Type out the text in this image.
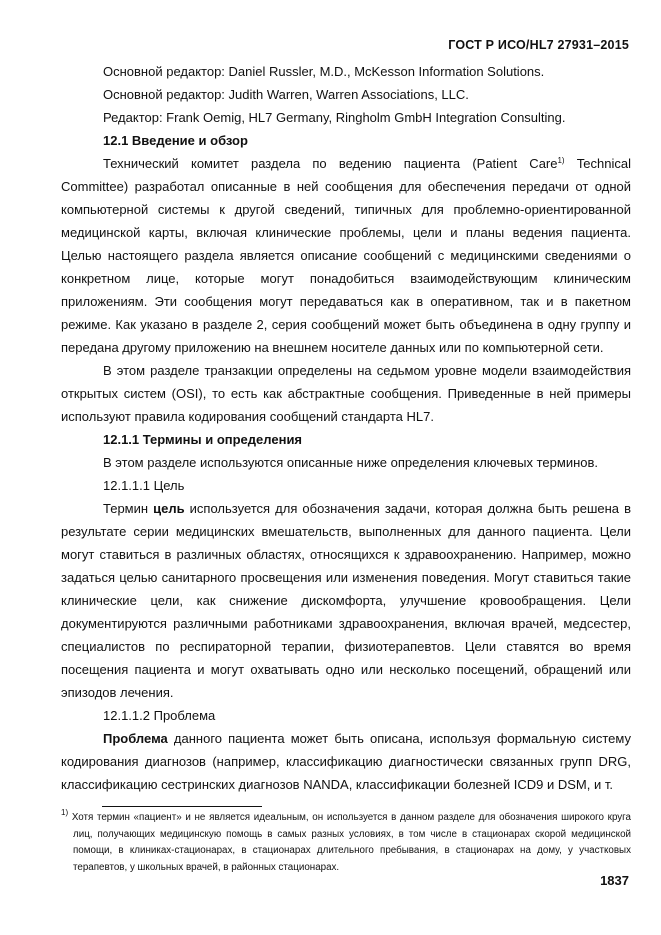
ГОСТ Р ИСО/HL7 27931–2015

Основной редактор: Daniel Russler, M.D., McKesson Information Solutions.

Основной редактор: Judith Warren, Warren Associations, LLC.

Редактор: Frank Oemig, HL7 Germany, Ringholm GmbH Integration Consulting.

12.1 Введение и обзор

Технический комитет раздела по ведению пациента (Patient Care$^{1)}$ Technical Committee) разработал описанные в ней сообщения для обеспечения передачи от одной компьютерной системы к другой сведений, типичных для проблемно-ориентированной медицинской карты, включая клинические проблемы, цели и планы ведения пациента. Целью настоящего раздела является описание сообщений с медицинскими сведениями о конкретном лице, которые могут понадобиться взаимодействующим клиническим приложениям. Эти сообщения могут передаваться как в оперативном, так и в пакетном режиме. Как указано в разделе 2, серия сообщений может быть объединена в одну группу и передана другому приложению на внешнем носителе данных или по компьютерной сети.

В этом разделе транзакции определены на седьмом уровне модели взаимодействия открытых систем (OSI), то есть как абстрактные сообщения. Приведенные в ней примеры используют правила кодирования сообщений стандарта HL7.

12.1.1 Термины и определения

В этом разделе используются описанные ниже определения ключевых терминов.

12.1.1.1 Цель

Термин цель используется для обозначения задачи, которая должна быть решена в результате серии медицинских вмешательств, выполненных для данного пациента. Цели могут ставиться в различных областях, относящихся к здравоохранению. Например, можно задаться целью санитарного просвещения или изменения поведения. Могут ставиться такие клинические цели, как снижение дискомфорта, улучшение кровообращения. Цели документируются различными работниками здравоохранения, включая врачей, медсестер, специалистов по респираторной терапии, физиотерапевтов. Цели ставятся во время посещения пациента и могут охватывать одно или несколько посещений, обращений или эпизодов лечения.

12.1.1.2 Проблема

Проблема данного пациента может быть описана, используя формальную систему кодирования диагнозов (например, классификацию диагностически связанных групп DRG, классификацию сестринских диагнозов NANDA, классификации болезней ICD9 и DSM, и т.

$^{1)}$ Хотя термин «пациент» и не является идеальным, он используется в данном разделе для обозначения широкого круга лиц, получающих медицинскую помощь в самых разных условиях, в том числе в стационарах скорой медицинской помощи, в клиниках-стационарах, в стационарах длительного пребывания, в стационарах на дому, у участковых терапевтов, у школьных врачей, в районных стационарах.

1837
